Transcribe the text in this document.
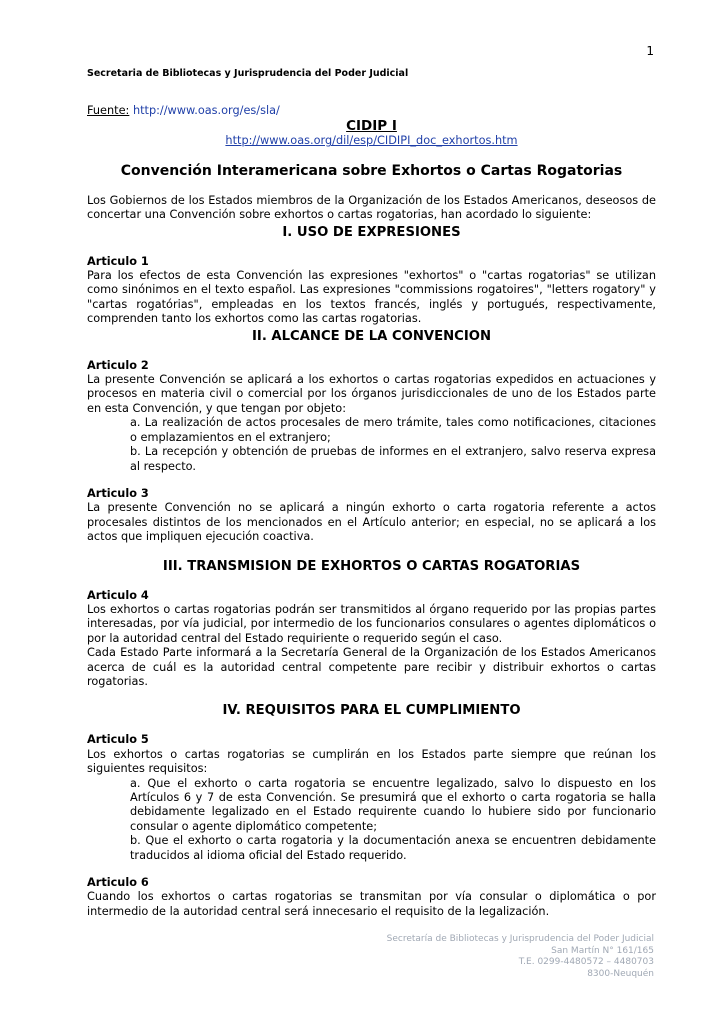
1
Secretaria de Bibliotecas y Jurisprudencia del Poder Judicial

Fuente: http://www.oas.org/es/sla/

CIDIP I
http://www.oas.org/dil/esp/CIDIPI_doc_exhortos.htm
Convención Interamericana sobre Exhortos o Cartas Rogatorias

Los Gobiernos de los Estados miembros de la Organización de los Estados Americanos, deseosos de concertar una Convención sobre exhortos o cartas rogatorias, han acordado lo siguiente:

I. USO DE EXPRESIONES

Articulo 1

Para los efectos de esta Convención las expresiones "exhortos" o "cartas rogatorias" se utilizan como sinónimos en el texto español. Las expresiones "commissions rogatoires", "letters rogatory" y "cartas rogatórias", empleadas en los textos francés, inglés y portugués, respectivamente, comprenden tanto los exhortos como las cartas rogatorias.

II. ALCANCE DE LA CONVENCION

Articulo 2

La presente Convención se aplicará a los exhortos o cartas rogatorias expedidos en actuaciones y procesos en materia civil o comercial por los órganos jurisdiccionales de uno de los Estados parte en esta Convención, y que tengan por objeto:

a. La realización de actos procesales de mero trámite, tales como notificaciones, citaciones o emplazamientos en el extranjero;

b. La recepción y obtención de pruebas de informes en el extranjero, salvo reserva expresa al respecto.

Articulo 3

La presente Convención no se aplicará a ningún exhorto o carta rogatoria referente a actos procesales distintos de los mencionados en el Artículo anterior; en especial, no se aplicará a los actos que impliquen ejecución coactiva.

III. TRANSMISION DE EXHORTOS O CARTAS ROGATORIAS

Articulo 4

Los exhortos o cartas rogatorias podrán ser transmitidos al órgano requerido por las propias partes interesadas, por vía judicial, por intermedio de los funcionarios consulares o agentes diplomáticos o por la autoridad central del Estado requiriente o requerido según el caso.

Cada Estado Parte informará a la Secretaría General de la Organización de los Estados Americanos acerca de cuál es la autoridad central competente pare recibir y distribuir exhortos o cartas rogatorias.

IV. REQUISITOS PARA EL CUMPLIMIENTO

Articulo 5

Los exhortos o cartas rogatorias se cumplirán en los Estados parte siempre que reúnan los siguientes requisitos:

a. Que el exhorto o carta rogatoria se encuentre legalizado, salvo lo dispuesto en los Artículos 6 y 7 de esta Convención. Se presumirá que el exhorto o carta rogatoria se halla debidamente legalizado en el Estado requirente cuando lo hubiere sido por funcionario consular o agente diplomático competente;

b. Que el exhorto o carta rogatoria y la documentación anexa se encuentren debidamente traducidos al idioma oficial del Estado requerido.

Articulo 6

Cuando los exhortos o cartas rogatorias se transmitan por vía consular o diplomática o por intermedio de la autoridad central será innecesario el requisito de la legalización.

Secretaría de Bibliotecas y Jurisprudencia del Poder Judicial
San Martín N° 161/165
T.E. 0299-4480572 – 4480703
8300-Neuquén
